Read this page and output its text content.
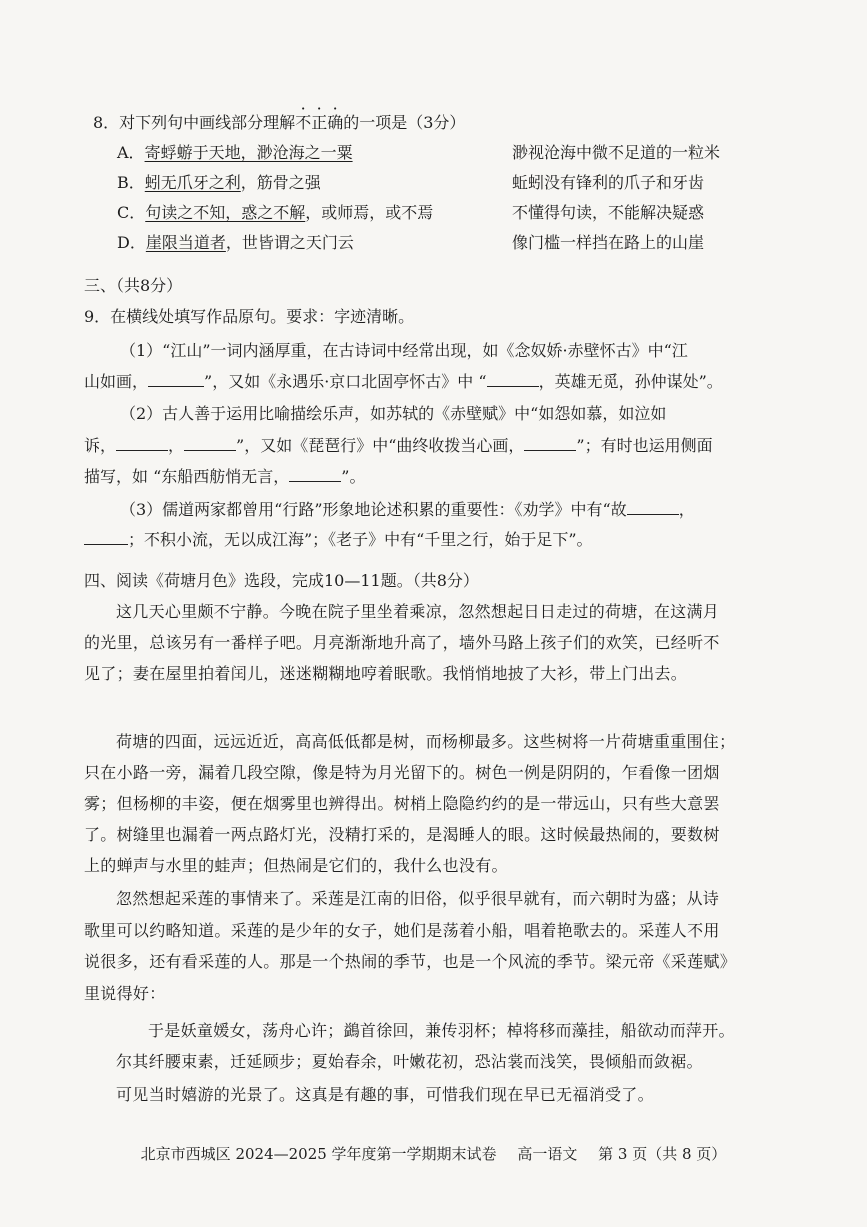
8．对下列句中画线部分理解不正确的一项是（3分）
A．寄蜉蝣于天地，渺沧海之一粟	渺视沧海中微不足道的一粒米
B．蚓无爪牙之利，筋骨之强	蚯蚓没有锋利的爪子和牙齿
C．句读之不知，惑之不解，或师焉，或不焉	不懂得句读，不能解决疑惑
D．崖限当道者，世皆谓之天门云	像门槛一样挡在路上的山崖
三、（共8分）
9．在横线处填写作品原句。要求：字迹清晰。
（1）“江山”一词内涵厚重，在古诗词中经常出现，如《念奴娇·赤壁怀古》中“江
山如画，	”，又如《永遇乐·京口北固亭怀古》中 “	，英雄无觅，孙仲谋处”。
（2）古人善于运用比喻描绘乐声，如苏轼的《赤壁赋》中“如怨如慕，如泣如
诉，	，	”，又如《琵琶行》中“曲终收拨当心画，	”；有时也运用侧面
描写，如 “东船西舫悄无言，	”。
（3）儒道两家都曾用“行路”形象地论述积累的重要性：《劝学》中有“故	，
；不积小流，无以成江海”；《老子》中有“千里之行，始于足下”。
四、阅读《荷塘月色》选段，完成10—11题。（共8分）
这几天心里颇不宁静。今晚在院子里坐着乘凉，忽然想起日日走过的荷塘，在这满月
的光里，总该另有一番样子吧。月亮渐渐地升高了，墙外马路上孩子们的欢笑，已经听不
见了；妻在屋里拍着闰儿，迷迷糊糊地哼着眠歌。我悄悄地披了大衫，带上门出去。
荷塘的四面，远远近近，高高低低都是树，而杨柳最多。这些树将一片荷塘重重围住；
只在小路一旁，漏着几段空隙，像是特为月光留下的。树色一例是阴阴的，乍看像一团烟
雾；但杨柳的丰姿，便在烟雾里也辨得出。树梢上隐隐约约的是一带远山，只有些大意罢
了。树缝里也漏着一两点路灯光，没精打采的，是渴睡人的眼。这时候最热闹的，要数树
上的蝉声与水里的蛙声；但热闹是它们的，我什么也没有。
忽然想起采莲的事情来了。采莲是江南的旧俗，似乎很早就有，而六朝时为盛；从诗
歌里可以约略知道。采莲的是少年的女子，她们是荡着小船，唱着艳歌去的。采莲人不用
说很多，还有看采莲的人。那是一个热闹的季节，也是一个风流的季节。梁元帝《采莲赋》
里说得好：
于是妖童媛女，荡舟心许；鷁首徐回，兼传羽杯；棹将移而藻挂，船欲动而萍开。
尔其纤腰束素，迁延顾步；夏始春余，叶嫩花初，恐沾裳而浅笑，畏倾船而敛裾。
可见当时嬉游的光景了。这真是有趣的事，可惜我们现在早已无福消受了。
北京市西城区 2024—2025 学年度第一学期期末试卷 高一语文 第 3 页（共 8 页）
